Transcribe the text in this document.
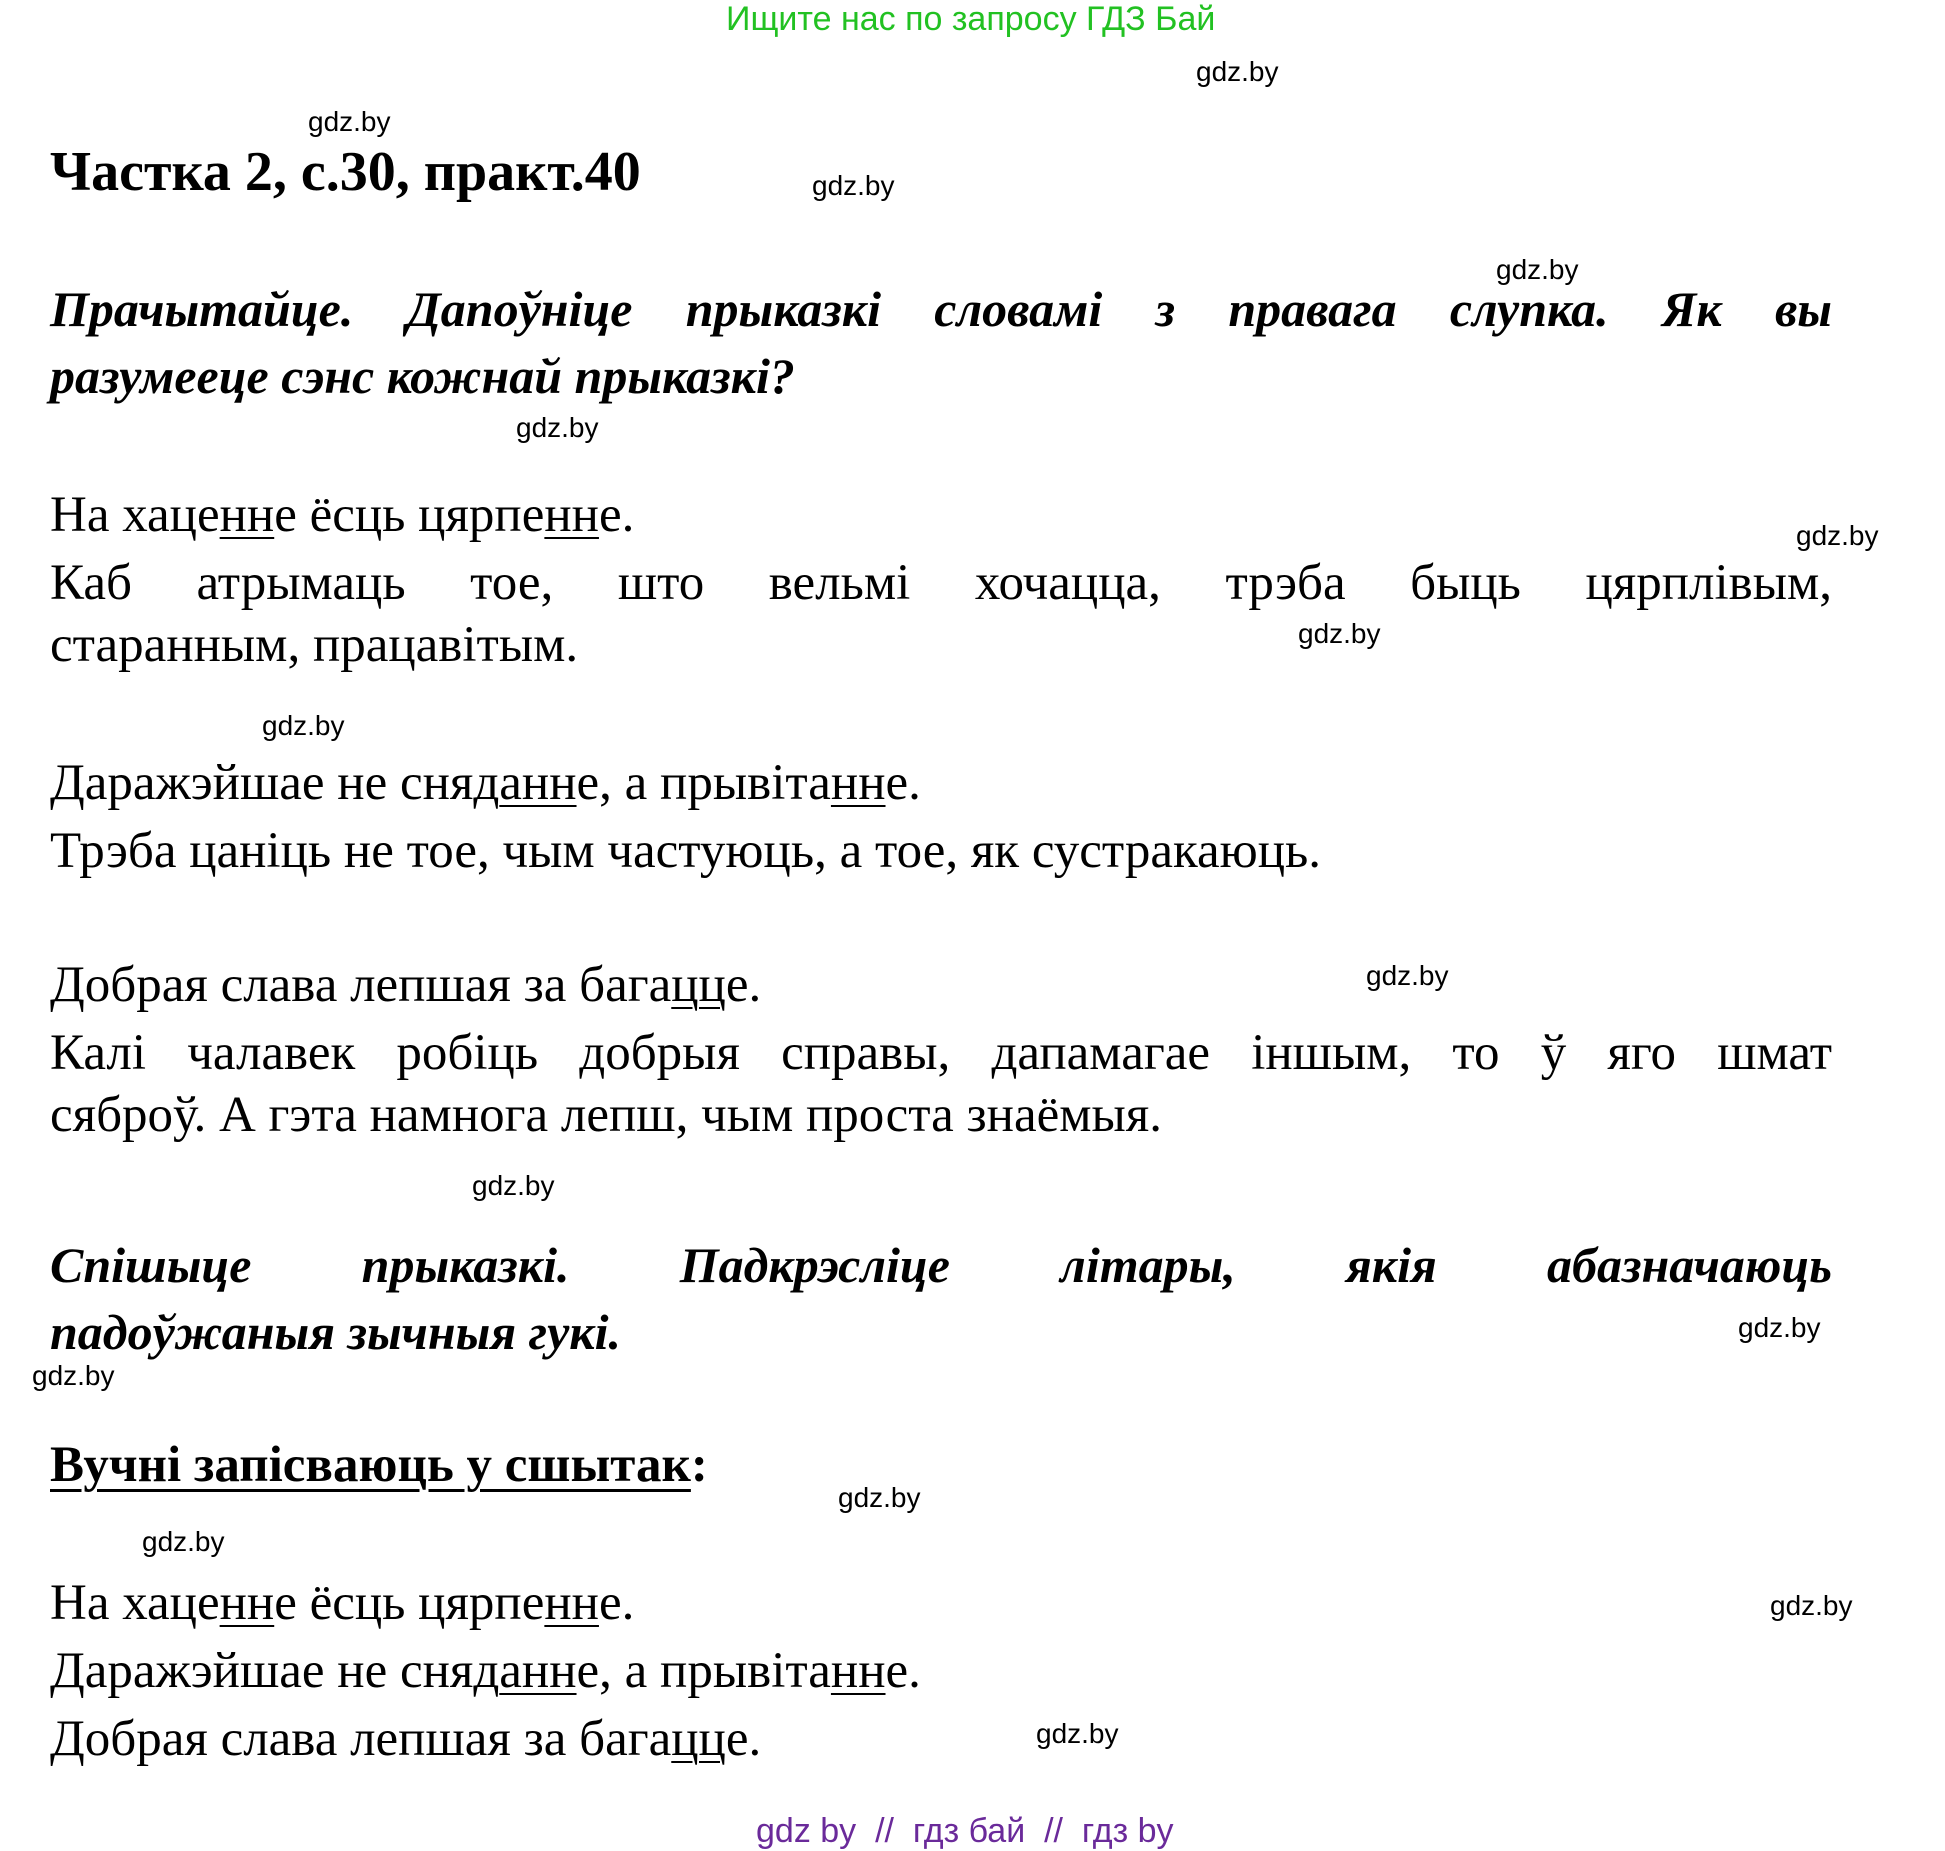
Ищите нас по запросу ГДЗ Бай
gdz.by
gdz.by
gdz.by
gdz.by
gdz.by
gdz.by
gdz.by
gdz.by
gdz.by
gdz.by
gdz.by
gdz.by
gdz.by
gdz.by
gdz.by
gdz.by
Частка 2, с.30, практ.40
Прачытайце. Дапоўніце прыказкі словамі з правага слупка. Як вы
разумееце сэнс кожнай прыказкі?
На хаценне ёсць цярпенне.
Каб атрымаць тое, што вельмі хочацца, трэба быць цярплівым,
старанным, працавітым.
Даражэйшае не сняданне, а прывітанне.
Трэба цаніць не тое, чым частуюць, а тое, як сустракаюць.
Добрая слава лепшая за багацце.
Калі чалавек робіць добрыя справы, дапамагае іншым, то ў яго шмат
сяброў. А гэта намнога лепш, чым проста знаёмыя.
Спішыце прыказкі. Падкрэсліце літары, якія абазначаюць
падоўжаныя зычныя гукі.
Вучні запісваюць у сшытак:
На хаценне ёсць цярпенне.
Даражэйшае не сняданне, а прывітанне.
Добрая слава лепшая за багацце.
gdz by  //  гдз бай  //  гдз by
